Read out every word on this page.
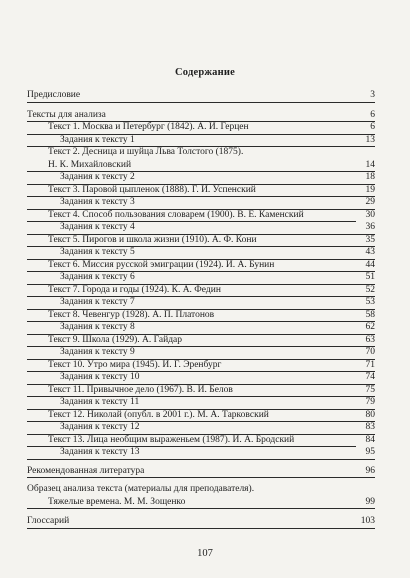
Содержание
Предисловие	3
Тексты для анализа	6
Текст 1. Москва и Петербург (1842). А. И. Герцен	6
Задания к тексту 1	13
Текст 2. Десница и шуйца Льва Толстого (1875).
Н. К. Михайловский	14
Задания к тексту 2	18
Текст 3. Паровой цыпленок (1888). Г. И. Успенский	19
Задания к тексту 3	29
Текст 4. Способ пользования словарем (1900). В. Е. Каменский	30
Задания к тексту 4	36
Текст 5. Пирогов и школа жизни (1910). А. Ф. Кони	35
Задания к тексту 5	43
Текст 6. Миссия русской эмиграции (1924). И. А. Бунин	44
Задания к тексту 6	51
Текст 7. Города и годы (1924). К. А. Федин	52
Задания к тексту 7	53
Текст 8. Чевенгур (1928). А. П. Платонов	58
Задания к тексту 8	62
Текст 9. Школа (1929). А. Гайдар	63
Задания к тексту 9	70
Текст 10. Утро мира (1945). И. Г. Эренбург	71
Задания к тексту 10	74
Текст 11. Привычное дело (1967). В. И. Белов	75
Задания к тексту 11	79
Текст 12. Николай (опубл. в 2001 г.). М. А. Тарковский	80
Задания к тексту 12	83
Текст 13. Лица необщим выраженьем (1987). И. А. Бродский	84
Задания к тексту 13	95
Рекомендованная литература	96
Образец анализа текста (материалы для преподавателя).
Тяжелые времена. М. М. Зощенко	99
Глоссарий	103
107
